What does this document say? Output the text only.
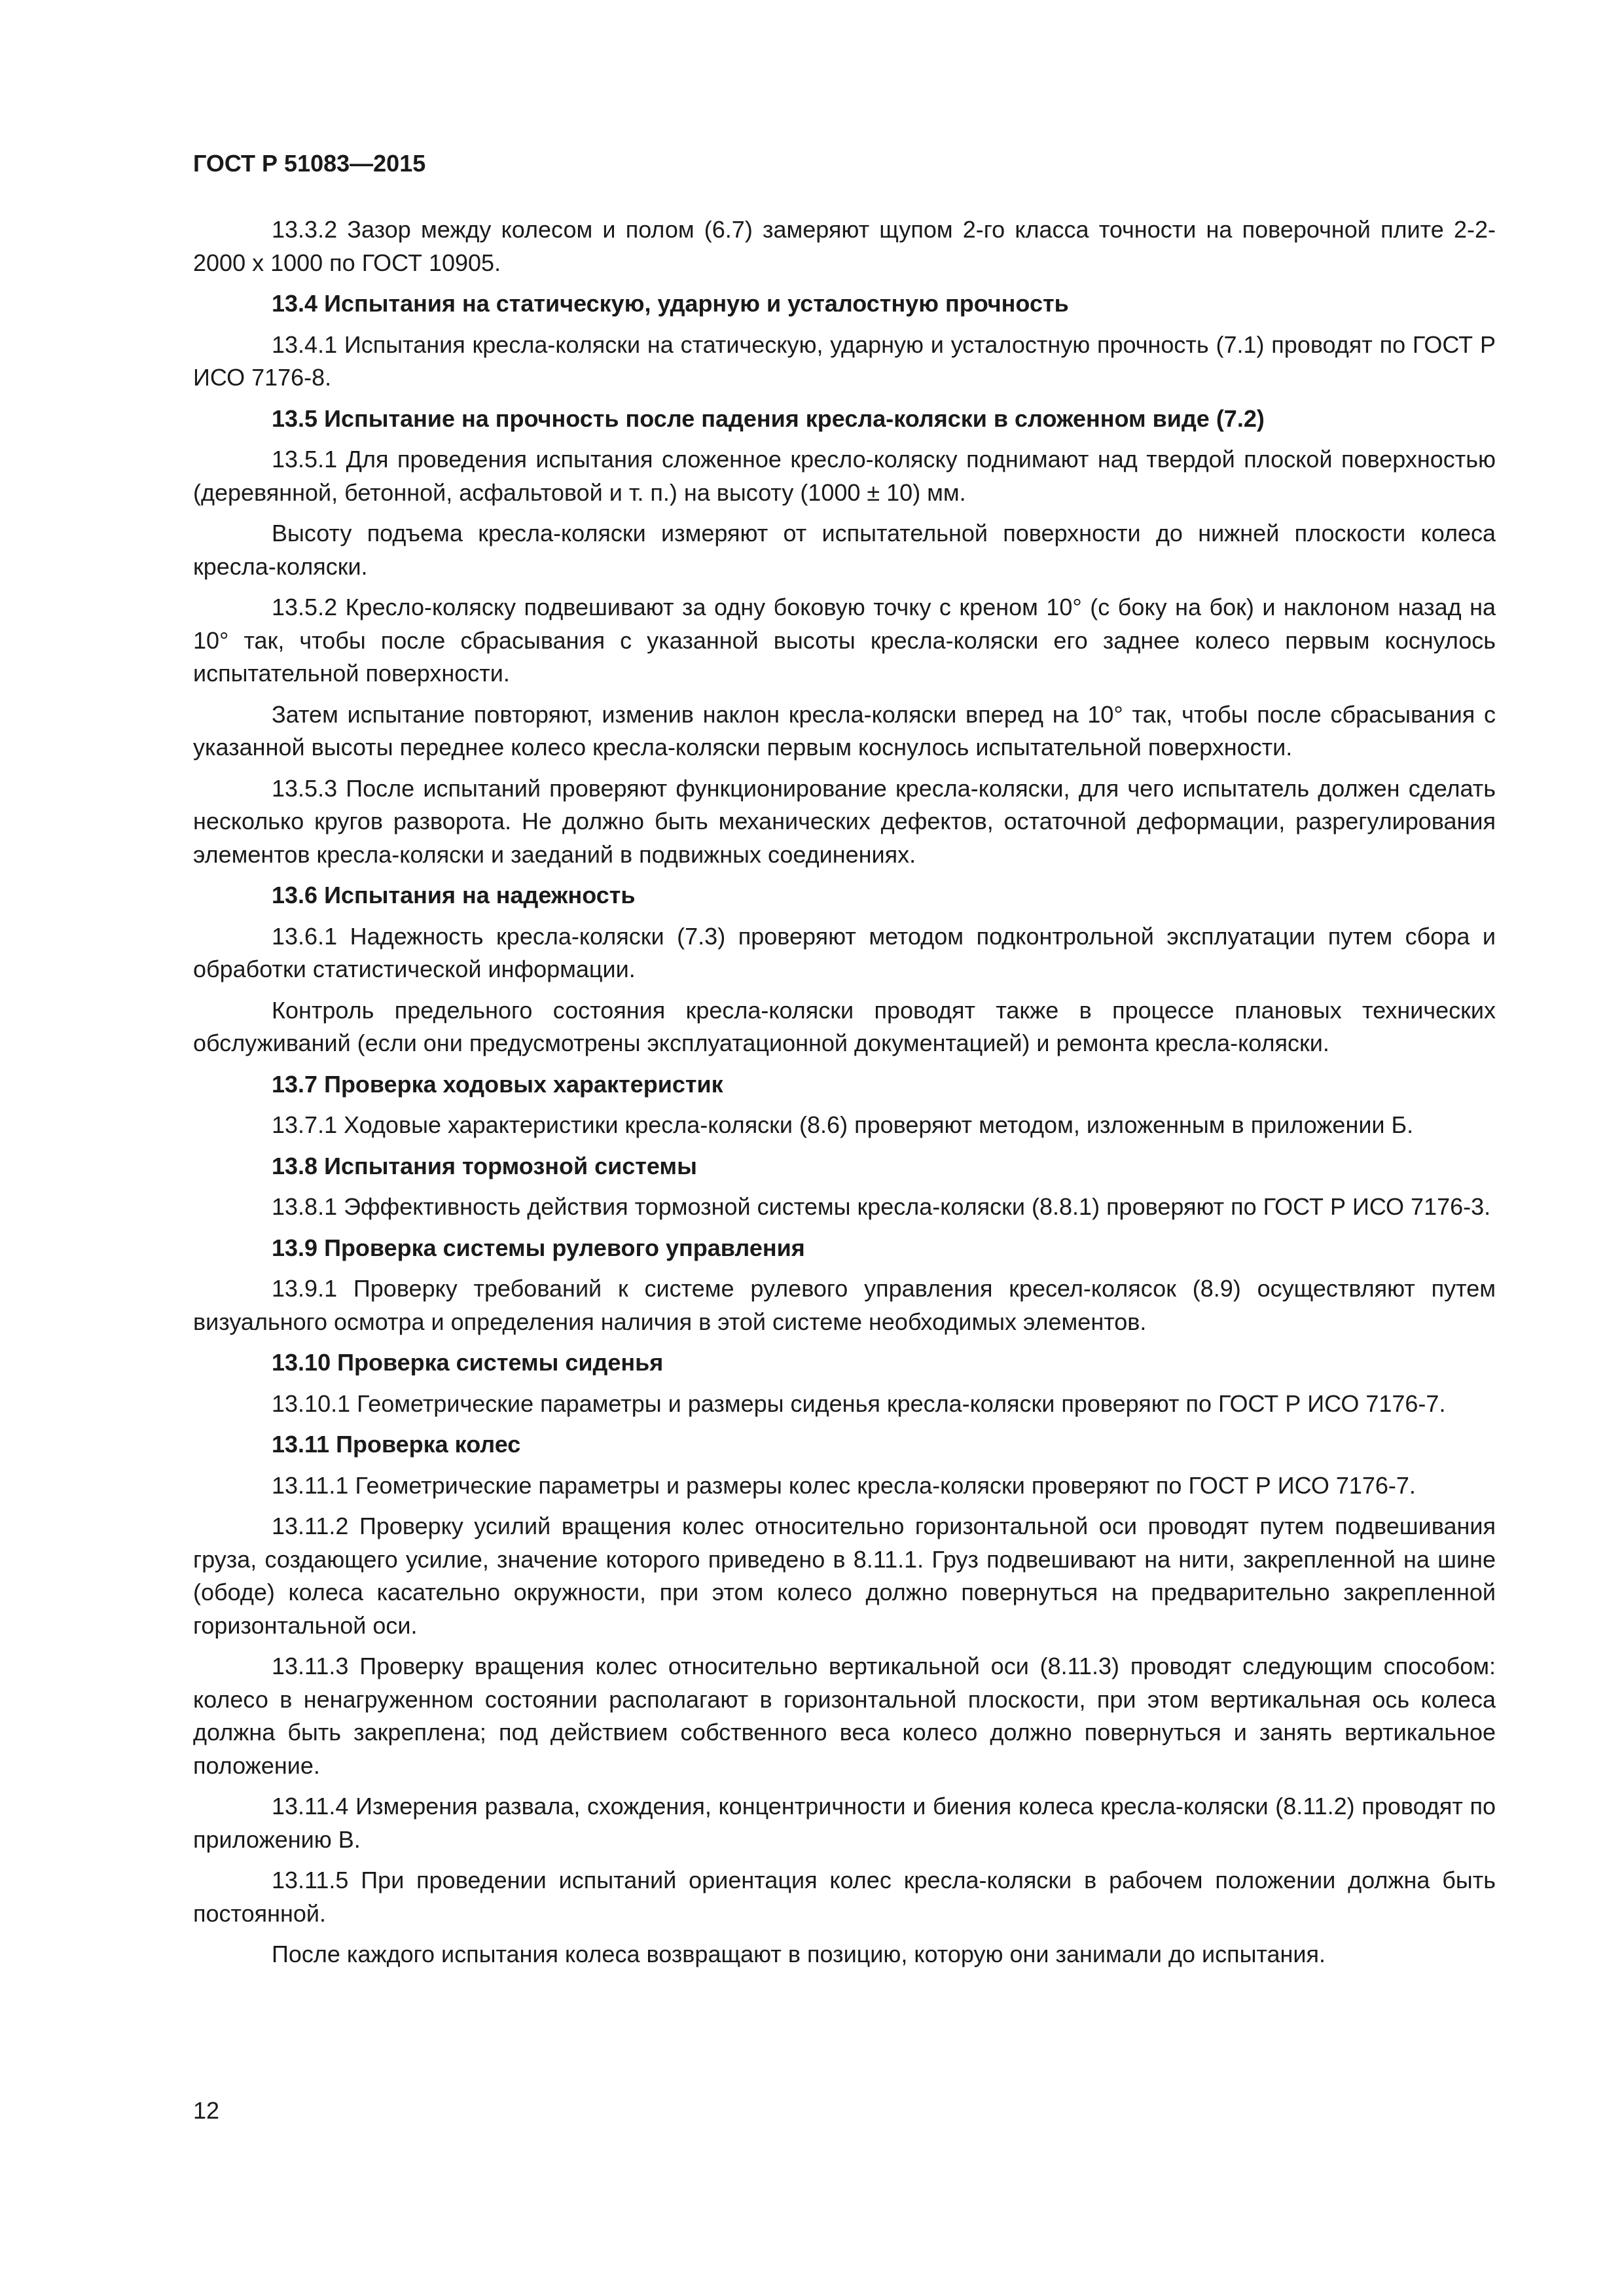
ГОСТ Р 51083—2015

13.3.2 Зазор между колесом и полом (6.7) замеряют щупом 2-го класса точности на поверочной плите 2-2-2000 х 1000 по ГОСТ 10905.

13.4 Испытания на статическую, ударную и усталостную прочность

13.4.1 Испытания кресла-коляски на статическую, ударную и усталостную прочность (7.1) проводят по ГОСТ Р ИСО 7176-8.

13.5 Испытание на прочность после падения кресла-коляски в сложенном виде (7.2)

13.5.1 Для проведения испытания сложенное кресло-коляску поднимают над твердой плоской поверхностью (деревянной, бетонной, асфальтовой и т. п.) на высоту (1000 ± 10) мм.

Высоту подъема кресла-коляски измеряют от испытательной поверхности до нижней плоскости колеса кресла-коляски.

13.5.2 Кресло-коляску подвешивают за одну боковую точку с креном 10° (с боку на бок) и наклоном назад на 10° так, чтобы после сбрасывания с указанной высоты кресла-коляски его заднее колесо первым коснулось испытательной поверхности.

Затем испытание повторяют, изменив наклон кресла-коляски вперед на 10° так, чтобы после сбрасывания с указанной высоты переднее колесо кресла-коляски первым коснулось испытательной поверхности.

13.5.3 После испытаний проверяют функционирование кресла-коляски, для чего испытатель должен сделать несколько кругов разворота. Не должно быть механических дефектов, остаточной деформации, разрегулирования элементов кресла-коляски и заеданий в подвижных соединениях.

13.6 Испытания на надежность

13.6.1 Надежность кресла-коляски (7.3) проверяют методом подконтрольной эксплуатации путем сбора и обработки статистической информации.

Контроль предельного состояния кресла-коляски проводят также в процессе плановых технических обслуживаний (если они предусмотрены эксплуатационной документацией) и ремонта кресла-коляски.

13.7 Проверка ходовых характеристик

13.7.1 Ходовые характеристики кресла-коляски (8.6) проверяют методом, изложенным в приложении Б.

13.8 Испытания тормозной системы

13.8.1 Эффективность действия тормозной системы кресла-коляски (8.8.1) проверяют по ГОСТ Р ИСО 7176-3.

13.9 Проверка системы рулевого управления

13.9.1 Проверку требований к системе рулевого управления кресел-колясок (8.9) осуществляют путем визуального осмотра и определения наличия в этой системе необходимых элементов.

13.10 Проверка системы сиденья

13.10.1 Геометрические параметры и размеры сиденья кресла-коляски проверяют по ГОСТ Р ИСО 7176-7.

13.11 Проверка колес

13.11.1 Геометрические параметры и размеры колес кресла-коляски проверяют по ГОСТ Р ИСО 7176-7.

13.11.2 Проверку усилий вращения колес относительно горизонтальной оси проводят путем подвешивания груза, создающего усилие, значение которого приведено в 8.11.1. Груз подвешивают на нити, закрепленной на шине (ободе) колеса касательно окружности, при этом колесо должно повернуться на предварительно закрепленной горизонтальной оси.

13.11.3 Проверку вращения колес относительно вертикальной оси (8.11.3) проводят следующим способом: колесо в ненагруженном состоянии располагают в горизонтальной плоскости, при этом вертикальная ось колеса должна быть закреплена; под действием собственного веса колесо должно повернуться и занять вертикальное положение.

13.11.4 Измерения развала, схождения, концентричности и биения колеса кресла-коляски (8.11.2) проводят по приложению В.

13.11.5 При проведении испытаний ориентация колес кресла-коляски в рабочем положении должна быть постоянной.

После каждого испытания колеса возвращают в позицию, которую они занимали до испытания.

12
